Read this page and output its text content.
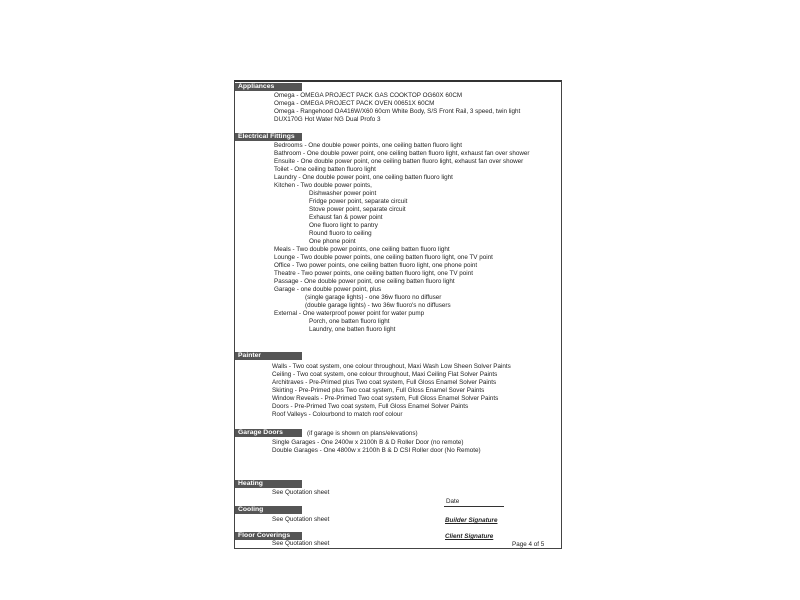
Appliances
Omega - OMEGA PROJECT PACK GAS COOKTOP OG60X 60CM
Omega - OMEGA PROJECT PACK OVEN 00651X 60CM
Omega - Rangehood OA416W/X60 60cm White Body, S/S Front Rail, 3 speed, twin light
DUX170G Hot Water NG Dual Profo 3
Electrical Fittings
Bedrooms - One double power points, one ceiling batten fluoro light
Bathroom - One double power point, one ceiling batten fluoro light, exhaust fan over shower
Ensuite - One double power point, one ceiling batten fluoro light, exhaust fan over shower
Toilet - One ceiling batten fluoro light
Laundry - One double power point, one ceiling batten fluoro light
Kitchen - Two double power points,
Dishwasher power point
Fridge power point, separate circuit
Stove power point, separate circuit
Exhaust fan & power point
One fluoro light to pantry
Round fluoro to ceiling
One phone point
Meals - Two double power points, one ceiling batten fluoro light
Lounge - Two double power points, one ceiling batten fluoro light, one TV point
Office - Two power points, one ceiling batten fluoro light, one phone point
Theatre - Two power points, one ceiling batten fluoro light, one TV point
Passage - One double power point, one ceiling batten fluoro light
Garage - one double power point, plus
(single garage lights) - one 36w fluoro no diffuser
(double garage lights) - two 36w fluoro's no diffusers
External - One waterproof power point for water pump
Porch, one batten fluoro light
Laundry, one batten fluoro light
Painter
Walls - Two coat system, one colour throughout, Maxi Wash Low Sheen Solver Paints
Ceiling - Two coat system, one colour throughout, Maxi Ceiling Flat Solver Paints
Architraves - Pre-Primed plus Two coat system, Full Gloss Enamel Solver Paints
Skirting - Pre-Primed plus Two coat system, Full Gloss Enamel Sover Paints
Window Reveals - Pre-Primed Two coat system, Full Gloss Enamel Solver Paints
Doors - Pre-Primed Two coat system, Full Gloss Enamel Solver Paints
Roof Valleys - Colourbond to match roof colour
Garage Doors	(if garage is shown on plans/elevations)
Single Garages - One 2400w x 2100h B & D Roller Door (no remote)
Double Garages - One 4800w x 2100h B & D CSI Roller door (No Remote)
Heating
See Quotation sheet
Date
Cooling
See Quotation sheet	Builder Signature
Floor Coverings
See Quotation sheet
Client Signature
Page 4 of 5
